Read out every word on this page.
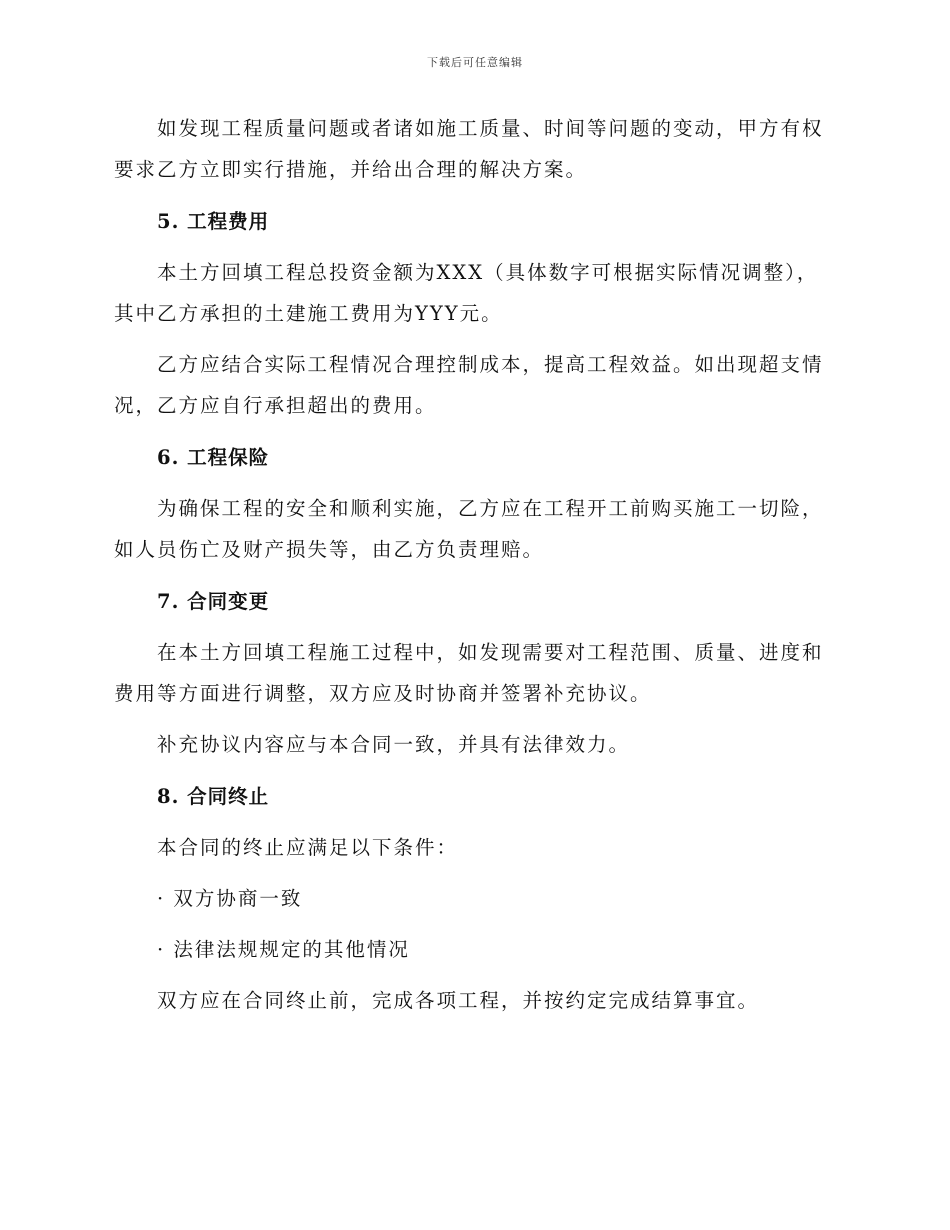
下载后可任意编辑

如发现工程质量问题或者诸如施工质量、时间等问题的变动，甲方有权要求乙方立即实行措施，并给出合理的解决方案。

5. 工程费用

本土方回填工程总投资金额为XXX（具体数字可根据实际情况调整），其中乙方承担的土建施工费用为YYY元。

乙方应结合实际工程情况合理控制成本，提高工程效益。如出现超支情况，乙方应自行承担超出的费用。

6. 工程保险

为确保工程的安全和顺利实施，乙方应在工程开工前购买施工一切险，如人员伤亡及财产损失等，由乙方负责理赔。

7. 合同变更

在本土方回填工程施工过程中，如发现需要对工程范围、质量、进度和费用等方面进行调整，双方应及时协商并签署补充协议。

补充协议内容应与本合同一致，并具有法律效力。

8. 合同终止

本合同的终止应满足以下条件：

· 双方协商一致

· 法律法规规定的其他情况

双方应在合同终止前，完成各项工程，并按约定完成结算事宜。
